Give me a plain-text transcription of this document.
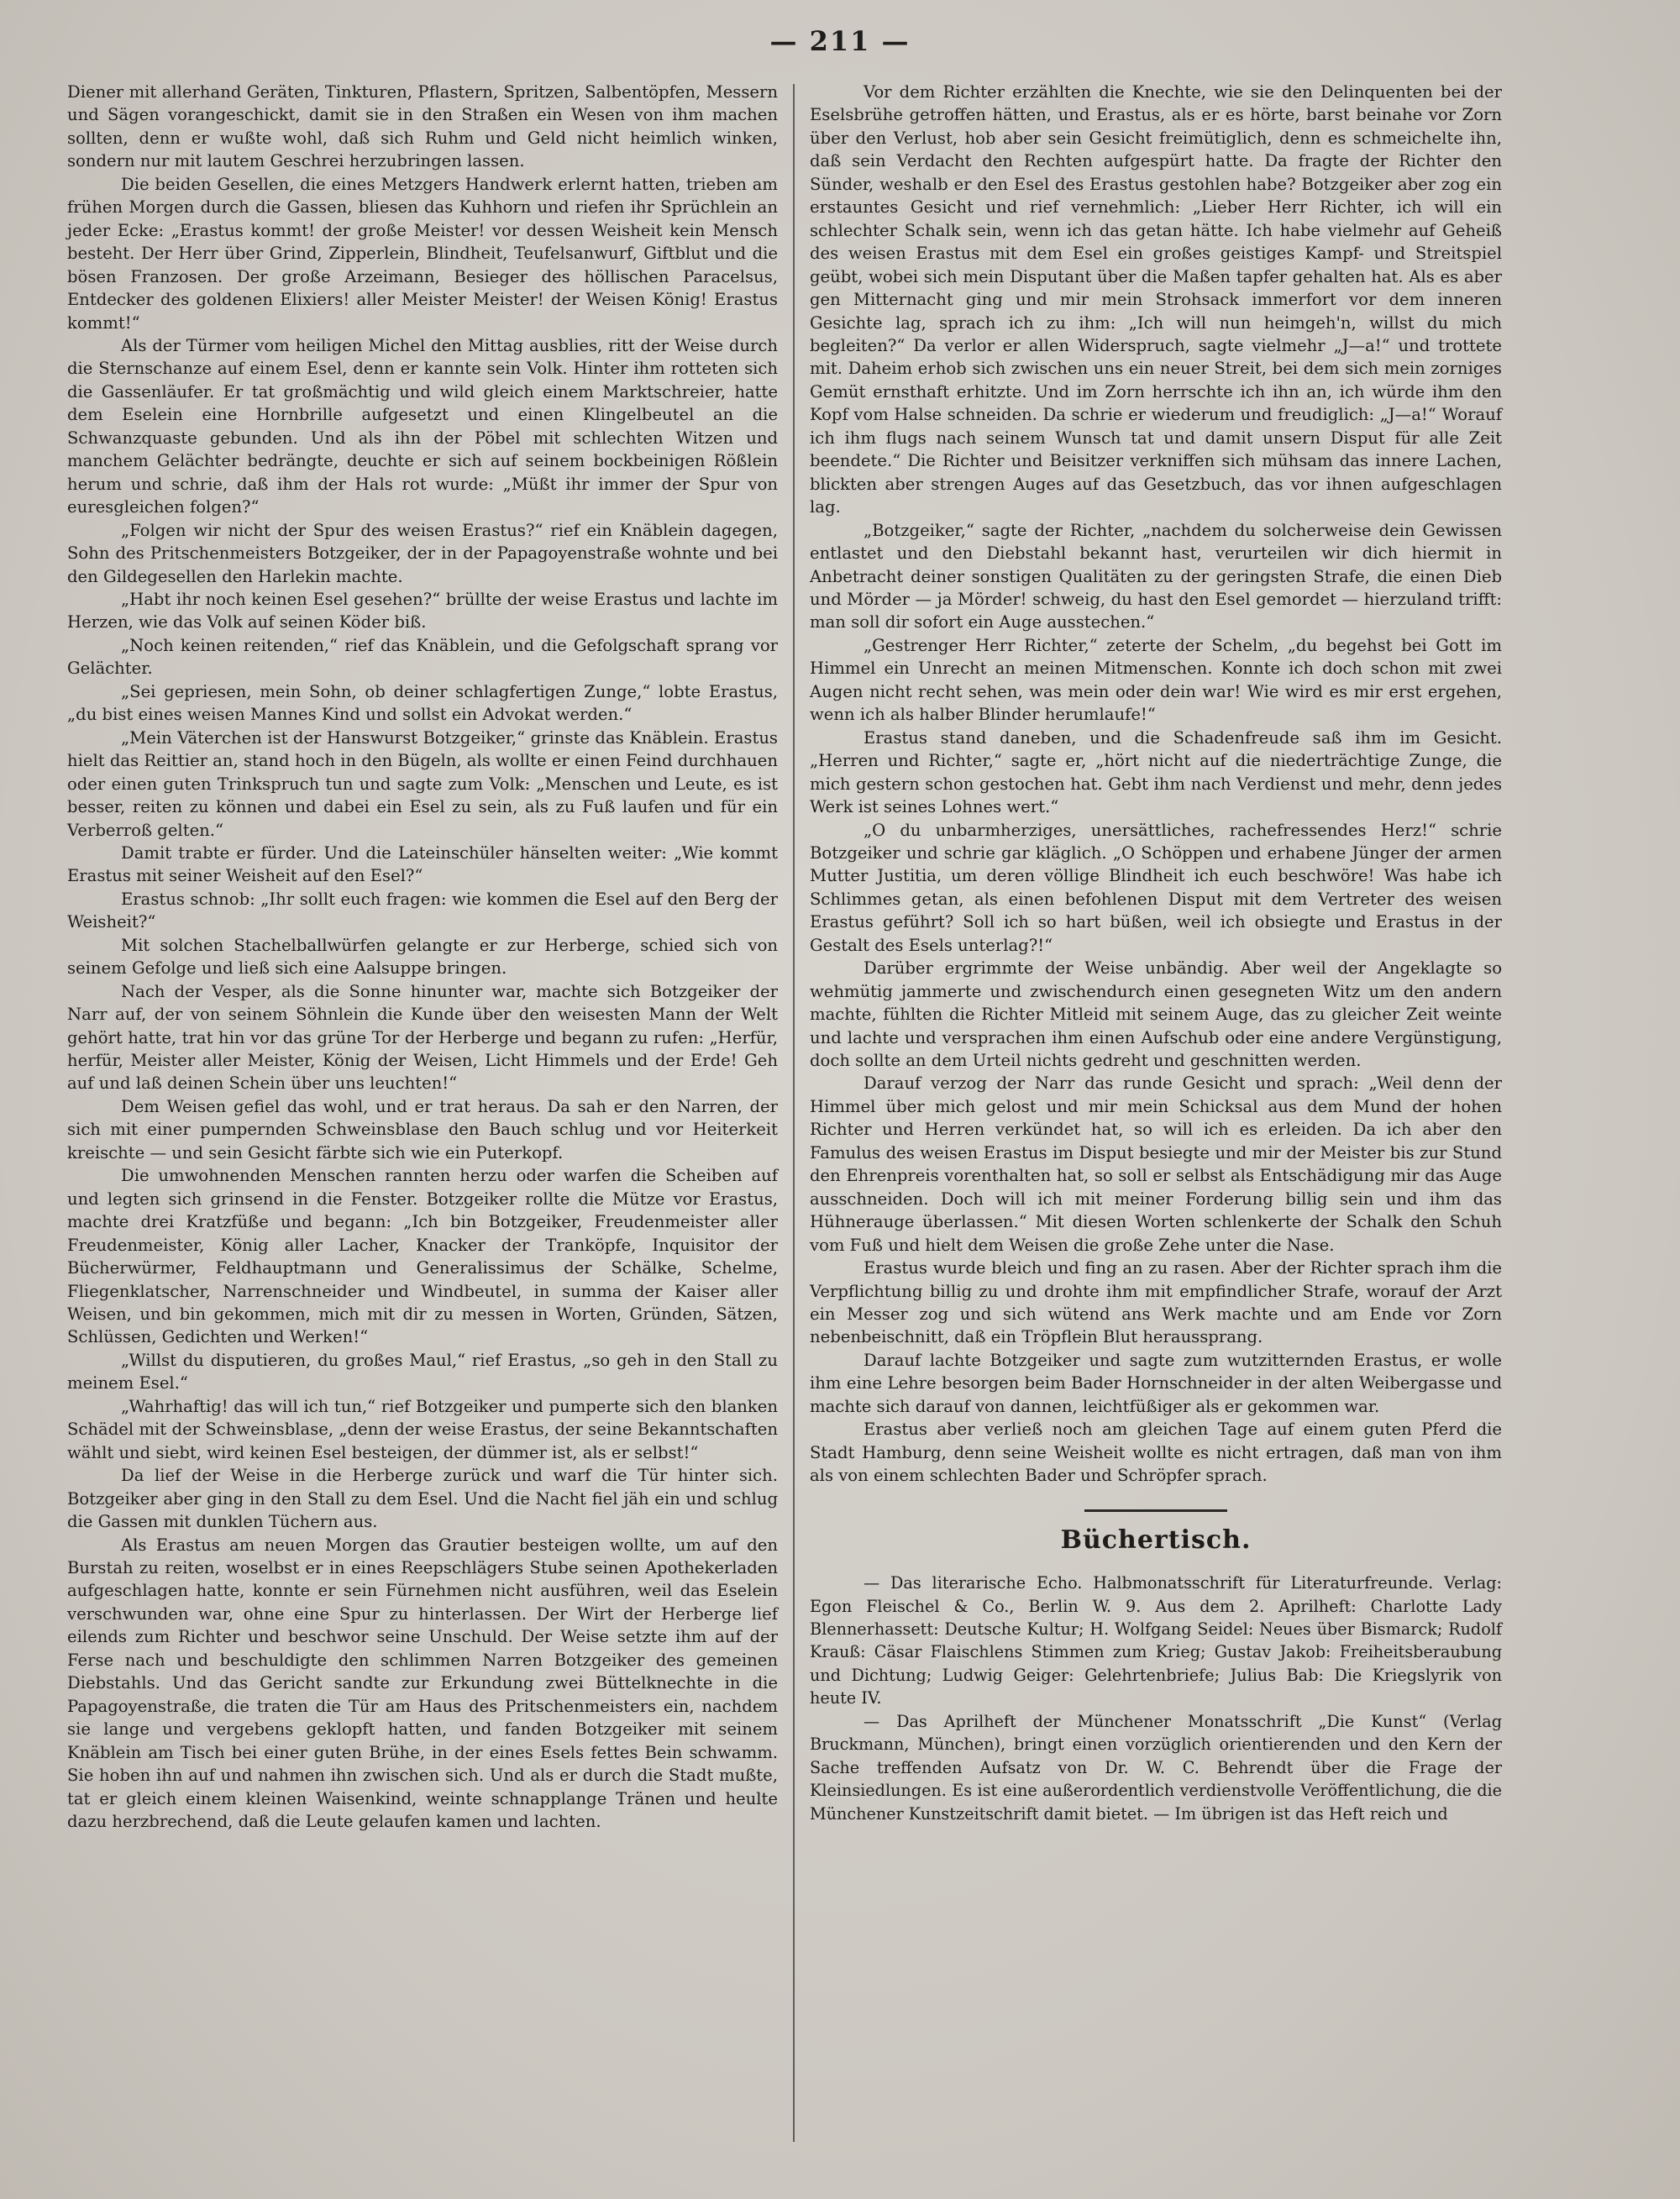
— 211 —

Diener mit allerhand Geräten, Tinkturen, Pflastern, Spritzen, Salbentöpfen, Messern und Sägen vorangeschickt, damit sie in den Straßen ein Wesen von ihm machen sollten, denn er wußte wohl, daß sich Ruhm und Geld nicht heimlich winken, sondern nur mit lautem Geschrei herzubringen lassen.

Die beiden Gesellen, die eines Metzgers Handwerk erlernt hatten, trieben am frühen Morgen durch die Gassen, bliesen das Kuhhorn und riefen ihr Sprüchlein an jeder Ecke: „Erastus kommt! der große Meister! vor dessen Weisheit kein Mensch besteht. Der Herr über Grind, Zipperlein, Blindheit, Teufelsanwurf, Giftblut und die bösen Franzosen. Der große Arzeimann, Besieger des höllischen Paracelsus, Entdecker des goldenen Elixiers! aller Meister Meister! der Weisen König! Erastus kommt!“

Als der Türmer vom heiligen Michel den Mittag ausblies, ritt der Weise durch die Sternschanze auf einem Esel, denn er kannte sein Volk. Hinter ihm rotteten sich die Gassenläufer. Er tat großmächtig und wild gleich einem Marktschreier, hatte dem Eselein eine Hornbrille aufgesetzt und einen Klingelbeutel an die Schwanzquaste gebunden. Und als ihn der Pöbel mit schlechten Witzen und manchem Gelächter bedrängte, deuchte er sich auf seinem bockbeinigen Rößlein herum und schrie, daß ihm der Hals rot wurde: „Müßt ihr immer der Spur von euresgleichen folgen?“

„Folgen wir nicht der Spur des weisen Erastus?“ rief ein Knäblein dagegen, Sohn des Pritschenmeisters Botzgeiker, der in der Papagoyenstraße wohnte und bei den Gildegesellen den Harlekin machte.

„Habt ihr noch keinen Esel gesehen?“ brüllte der weise Erastus und lachte im Herzen, wie das Volk auf seinen Köder biß.

„Noch keinen reitenden,“ rief das Knäblein, und die Gefolgschaft sprang vor Gelächter.

„Sei gepriesen, mein Sohn, ob deiner schlagfertigen Zunge,“ lobte Erastus, „du bist eines weisen Mannes Kind und sollst ein Advokat werden.“

„Mein Väterchen ist der Hanswurst Botzgeiker,“ grinste das Knäblein. Erastus hielt das Reittier an, stand hoch in den Bügeln, als wollte er einen Feind durchhauen oder einen guten Trinkspruch tun und sagte zum Volk: „Menschen und Leute, es ist besser, reiten zu können und dabei ein Esel zu sein, als zu Fuß laufen und für ein Verberroß gelten.“

Damit trabte er fürder. Und die Lateinschüler hänselten weiter: „Wie kommt Erastus mit seiner Weisheit auf den Esel?“

Erastus schnob: „Ihr sollt euch fragen: wie kommen die Esel auf den Berg der Weisheit?“

Mit solchen Stachelballwürfen gelangte er zur Herberge, schied sich von seinem Gefolge und ließ sich eine Aalsuppe bringen.

Nach der Vesper, als die Sonne hinunter war, machte sich Botzgeiker der Narr auf, der von seinem Söhnlein die Kunde über den weisesten Mann der Welt gehört hatte, trat hin vor das grüne Tor der Herberge und begann zu rufen: „Herfür, herfür, Meister aller Meister, König der Weisen, Licht Himmels und der Erde! Geh auf und laß deinen Schein über uns leuchten!“

Dem Weisen gefiel das wohl, und er trat heraus. Da sah er den Narren, der sich mit einer pumpernden Schweinsblase den Bauch schlug und vor Heiterkeit kreischte — und sein Gesicht färbte sich wie ein Puterkopf.

Die umwohnenden Menschen rannten herzu oder warfen die Scheiben auf und legten sich grinsend in die Fenster. Botzgeiker rollte die Mütze vor Erastus, machte drei Kratzfüße und begann: „Ich bin Botzgeiker, Freudenmeister aller Freudenmeister, König aller Lacher, Knacker der Tranköpfe, Inquisitor der Bücherwürmer, Feldhauptmann und Generalissimus der Schälke, Schelme, Fliegenklatscher, Narrenschneider und Windbeutel, in summa der Kaiser aller Weisen, und bin gekommen, mich mit dir zu messen in Worten, Gründen, Sätzen, Schlüssen, Gedichten und Werken!“

„Willst du disputieren, du großes Maul,“ rief Erastus, „so geh in den Stall zu meinem Esel.“

„Wahrhaftig! das will ich tun,“ rief Botzgeiker und pumperte sich den blanken Schädel mit der Schweinsblase, „denn der weise Erastus, der seine Bekanntschaften wählt und siebt, wird keinen Esel besteigen, der dümmer ist, als er selbst!“

Da lief der Weise in die Herberge zurück und warf die Tür hinter sich. Botzgeiker aber ging in den Stall zu dem Esel. Und die Nacht fiel jäh ein und schlug die Gassen mit dunklen Tüchern aus.

Als Erastus am neuen Morgen das Grautier besteigen wollte, um auf den Burstah zu reiten, woselbst er in eines Reepschlägers Stube seinen Apothekerladen aufgeschlagen hatte, konnte er sein Fürnehmen nicht ausführen, weil das Eselein verschwunden war, ohne eine Spur zu hinterlassen. Der Wirt der Herberge lief eilends zum Richter und beschwor seine Unschuld. Der Weise setzte ihm auf der Ferse nach und beschuldigte den schlimmen Narren Botzgeiker des gemeinen Diebstahls. Und das Gericht sandte zur Erkundung zwei Büttelknechte in die Papagoyenstraße, die traten die Tür am Haus des Pritschenmeisters ein, nachdem sie lange und vergebens geklopft hatten, und fanden Botzgeiker mit seinem Knäblein am Tisch bei einer guten Brühe, in der eines Esels fettes Bein schwamm. Sie hoben ihn auf und nahmen ihn zwischen sich. Und als er durch die Stadt mußte, tat er gleich einem kleinen Waisenkind, weinte schnapplange Tränen und heulte dazu herzbrechend, daß die Leute gelaufen kamen und lachten.

Vor dem Richter erzählten die Knechte, wie sie den Delinquenten bei der Eselsbrühe getroffen hätten, und Erastus, als er es hörte, barst beinahe vor Zorn über den Verlust, hob aber sein Gesicht freimütiglich, denn es schmeichelte ihn, daß sein Verdacht den Rechten aufgespürt hatte. Da fragte der Richter den Sünder, weshalb er den Esel des Erastus gestohlen habe? Botzgeiker aber zog ein erstauntes Gesicht und rief vernehmlich: „Lieber Herr Richter, ich will ein schlechter Schalk sein, wenn ich das getan hätte. Ich habe vielmehr auf Geheiß des weisen Erastus mit dem Esel ein großes geistiges Kampf- und Streitspiel geübt, wobei sich mein Disputant über die Maßen tapfer gehalten hat. Als es aber gen Mitternacht ging und mir mein Strohsack immerfort vor dem inneren Gesichte lag, sprach ich zu ihm: „Ich will nun heimgeh'n, willst du mich begleiten?“ Da verlor er allen Widerspruch, sagte vielmehr „J—a!“ und trottete mit. Daheim erhob sich zwischen uns ein neuer Streit, bei dem sich mein zorniges Gemüt ernsthaft erhitzte. Und im Zorn herrschte ich ihn an, ich würde ihm den Kopf vom Halse schneiden. Da schrie er wiederum und freudiglich: „J—a!“ Worauf ich ihm flugs nach seinem Wunsch tat und damit unsern Disput für alle Zeit beendete.“ Die Richter und Beisitzer verkniffen sich mühsam das innere Lachen, blickten aber strengen Auges auf das Gesetzbuch, das vor ihnen aufgeschlagen lag.

„Botzgeiker,“ sagte der Richter, „nachdem du solcherweise dein Gewissen entlastet und den Diebstahl bekannt hast, verurteilen wir dich hiermit in Anbetracht deiner sonstigen Qualitäten zu der geringsten Strafe, die einen Dieb und Mörder — ja Mörder! schweig, du hast den Esel gemordet — hierzuland trifft: man soll dir sofort ein Auge ausstechen.“

„Gestrenger Herr Richter,“ zeterte der Schelm, „du begehst bei Gott im Himmel ein Unrecht an meinen Mitmenschen. Konnte ich doch schon mit zwei Augen nicht recht sehen, was mein oder dein war! Wie wird es mir erst ergehen, wenn ich als halber Blinder herumlaufe!“

Erastus stand daneben, und die Schadenfreude saß ihm im Gesicht. „Herren und Richter,“ sagte er, „hört nicht auf die niederträchtige Zunge, die mich gestern schon gestochen hat. Gebt ihm nach Verdienst und mehr, denn jedes Werk ist seines Lohnes wert.“

„O du unbarmherziges, unersättliches, rachefressendes Herz!“ schrie Botzgeiker und schrie gar kläglich. „O Schöppen und erhabene Jünger der armen Mutter Justitia, um deren völlige Blindheit ich euch beschwöre! Was habe ich Schlimmes getan, als einen befohlenen Disput mit dem Vertreter des weisen Erastus geführt? Soll ich so hart büßen, weil ich obsiegte und Erastus in der Gestalt des Esels unterlag?!“

Darüber ergrimmte der Weise unbändig. Aber weil der Angeklagte so wehmütig jammerte und zwischendurch einen gesegneten Witz um den andern machte, fühlten die Richter Mitleid mit seinem Auge, das zu gleicher Zeit weinte und lachte und versprachen ihm einen Aufschub oder eine andere Vergünstigung, doch sollte an dem Urteil nichts gedreht und geschnitten werden.

Darauf verzog der Narr das runde Gesicht und sprach: „Weil denn der Himmel über mich gelost und mir mein Schicksal aus dem Mund der hohen Richter und Herren verkündet hat, so will ich es erleiden. Da ich aber den Famulus des weisen Erastus im Disput besiegte und mir der Meister bis zur Stund den Ehrenpreis vorenthalten hat, so soll er selbst als Entschädigung mir das Auge ausschneiden. Doch will ich mit meiner Forderung billig sein und ihm das Hühnerauge überlassen.“ Mit diesen Worten schlenkerte der Schalk den Schuh vom Fuß und hielt dem Weisen die große Zehe unter die Nase.

Erastus wurde bleich und fing an zu rasen. Aber der Richter sprach ihm die Verpflichtung billig zu und drohte ihm mit empfindlicher Strafe, worauf der Arzt ein Messer zog und sich wütend ans Werk machte und am Ende vor Zorn nebenbeischnitt, daß ein Tröpflein Blut heraussprang.

Darauf lachte Botzgeiker und sagte zum wutzitternden Erastus, er wolle ihm eine Lehre besorgen beim Bader Hornschneider in der alten Weibergasse und machte sich darauf von dannen, leichtfüßiger als er gekommen war.

Erastus aber verließ noch am gleichen Tage auf einem guten Pferd die Stadt Hamburg, denn seine Weisheit wollte es nicht ertragen, daß man von ihm als von einem schlechten Bader und Schröpfer sprach.

Büchertisch.

— Das literarische Echo. Halbmonatsschrift für Literaturfreunde. Verlag: Egon Fleischel & Co., Berlin W. 9. Aus dem 2. Aprilheft: Charlotte Lady Blennerhassett: Deutsche Kultur; H. Wolfgang Seidel: Neues über Bismarck; Rudolf Krauß: Cäsar Flaischlens Stimmen zum Krieg; Gustav Jakob: Freiheitsberaubung und Dichtung; Ludwig Geiger: Gelehrtenbriefe; Julius Bab: Die Kriegslyrik von heute IV.

— Das Aprilheft der Münchener Monatsschrift „Die Kunst“ (Verlag Bruckmann, München), bringt einen vorzüglich orientierenden und den Kern der Sache treffenden Aufsatz von Dr. W. C. Behrendt über die Frage der Kleinsiedlungen. Es ist eine außerordentlich verdienstvolle Veröffentlichung, die die Münchener Kunstzeitschrift damit bietet. — Im übrigen ist das Heft reich und
